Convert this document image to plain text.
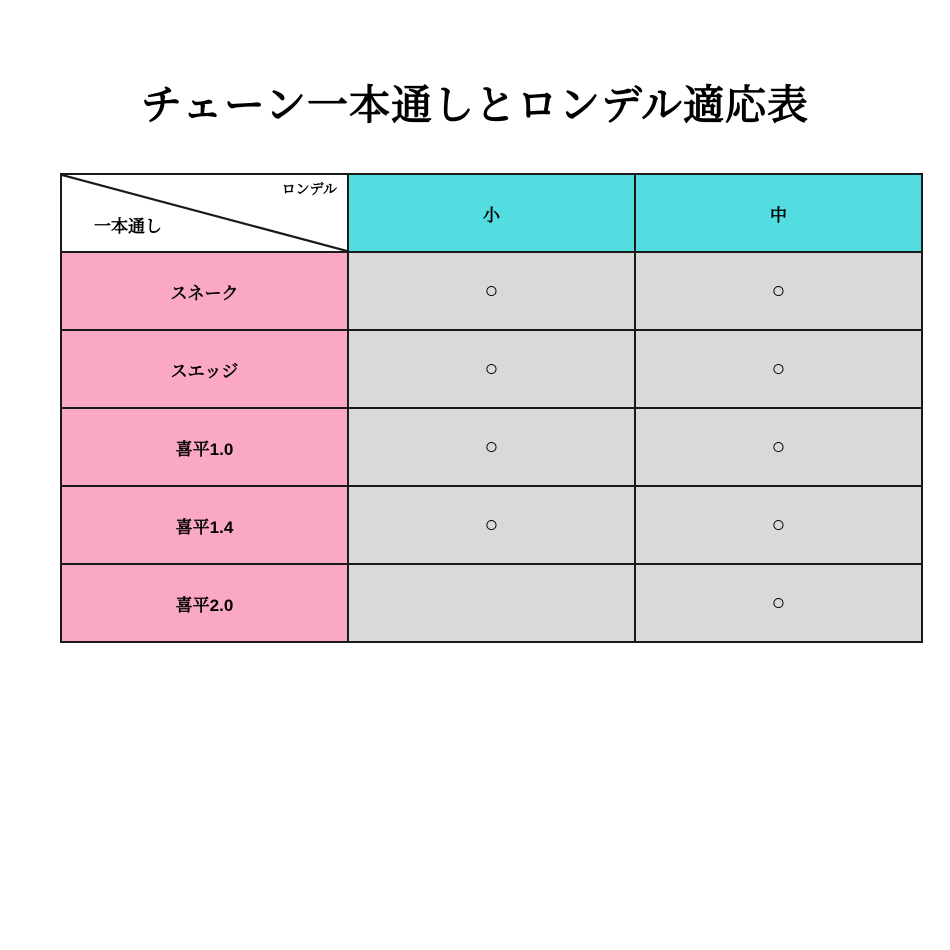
チェーン一本通しとロンデル適応表
ロンデル
一本通し	小	中
スネーク	○	○
スエッジ	○	○
喜平1.0	○	○
喜平1.4	○	○
喜平2.0		○
